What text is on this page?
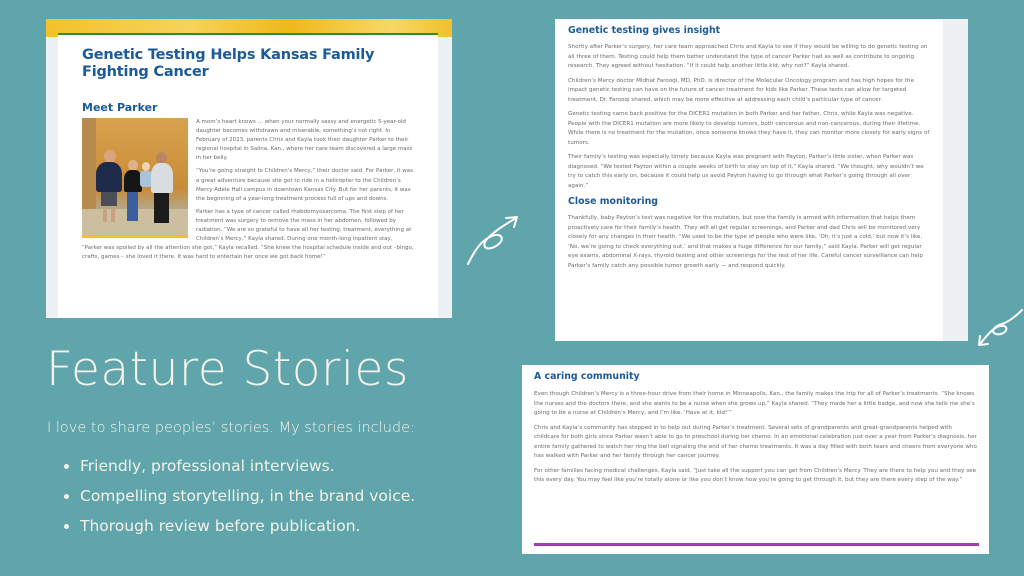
Genetic Testing Helps Kansas Family Fighting Cancer
Meet Parker

A mom’s heart knows … when your normally sassy and energetic 5-year-old daughter becomes withdrawn and miserable, something’s not right. In February of 2023, parents Chris and Kayla took their daughter Parker to their regional hospital in Salina, Kan., where her care team discovered a large mass in her belly.

“You’re going straight to Children’s Mercy,” their doctor said. For Parker, it was a great adventure because she got to ride in a helicopter to the Children’s Mercy Adele Hall campus in downtown Kansas City. But for her parents, it was the beginning of a year-long treatment process full of ups and downs.

Parker has a type of cancer called rhabdomyosarcoma. The first step of her treatment was surgery to remove the mass in her abdomen, followed by radiation. “We are so grateful to have all her testing, treatment, everything at Children’s Mercy,” Kayla shared. During one month-long inpatient stay, “Parker was spoiled by all the attention she got,” Kayla recalled. “She knew the hospital schedule inside and out –bingo, crafts, games – she loved it there. It was hard to entertain her once we got back home!”

Genetic testing gives insight

Shortly after Parker’s surgery, her care team approached Chris and Kayla to see if they would be willing to do genetic testing on all three of them. Testing could help them better understand the type of cancer Parker had as well as contribute to ongoing research. They agreed without hesitation. “If it could help another little kid, why not?” Kayla shared.

Children’s Mercy doctor Midhat Farooqi, MD, PhD, is director of the Molecular Oncology program and has high hopes for the impact genetic testing can have on the future of cancer treatment for kids like Parker. These tests can allow for targeted treatment, Dr. Farooqi shared, which may be more effective at addressing each child’s particular type of cancer.

Genetic testing came back positive for the DICER1 mutation in both Parker and her father, Chris, while Kayla was negative. People with the DICER1 mutation are more likely to develop tumors, both cancerous and non-cancerous, during their lifetime. While there is no treatment for the mutation, once someone knows they have it, they can monitor more closely for early signs of tumors.

Their family’s testing was especially timely because Kayla was pregnant with Payton, Parker’s little sister, when Parker was diagnosed. “We tested Payton within a couple weeks of birth to stay on top of it,” Kayla shared. “We thought, why wouldn’t we try to catch this early on, because it could help us avoid Payton having to go through what Parker’s going through all over again.”

Close monitoring

Thankfully, baby Payton’s test was negative for the mutation, but now the family is armed with information that helps them proactively care for their family’s health. They will all get regular screenings, and Parker and dad Chris will be monitored very closely for any changes in their health. “We used to be the type of people who were like, ‘Oh, it’s just a cold,’ but now it’s like, ‘No, we’re going to check everything out,’ and that makes a huge difference for our family,” said Kayla. Parker will get regular eye exams, abdominal X-rays, thyroid testing and other screenings for the rest of her life. Careful cancer surveillance can help Parker’s family catch any possible tumor growth early — and respond quickly.

A caring community

Even though Children’s Mercy is a three-hour drive from their home in Minneapolis, Kan., the family makes the trip for all of Parker’s treatments. “She knows the nurses and the doctors there, and she wants to be a nurse when she grows up,” Kayla shared. “They made her a little badge, and now she tells me she’s going to be a nurse at Children’s Mercy, and I’m like, ‘Have at it, kid!’”

Chris and Kayla’s community has stepped in to help out during Parker’s treatment. Several sets of grandparents and great-grandparents helped with childcare for both girls since Parker wasn’t able to go to preschool during her chemo. In an emotional celebration just over a year from Parker’s diagnosis, her entire family gathered to watch her ring the bell signaling the end of her chemo treatments. It was a day filled with both tears and cheers from everyone who has walked with Parker and her family through her cancer journey.

For other families facing medical challenges, Kayla said, “Just take all the support you can get from Children’s Mercy. They are there to help you and they see this every day. You may feel like you’re totally alone or like you don’t know how you’re going to get through it, but they are there every step of the way.”

Feature Stories

I love to share peoples’ stories. My stories include:

Friendly, professional interviews.
Compelling storytelling, in the brand voice.
Thorough review before publication.
